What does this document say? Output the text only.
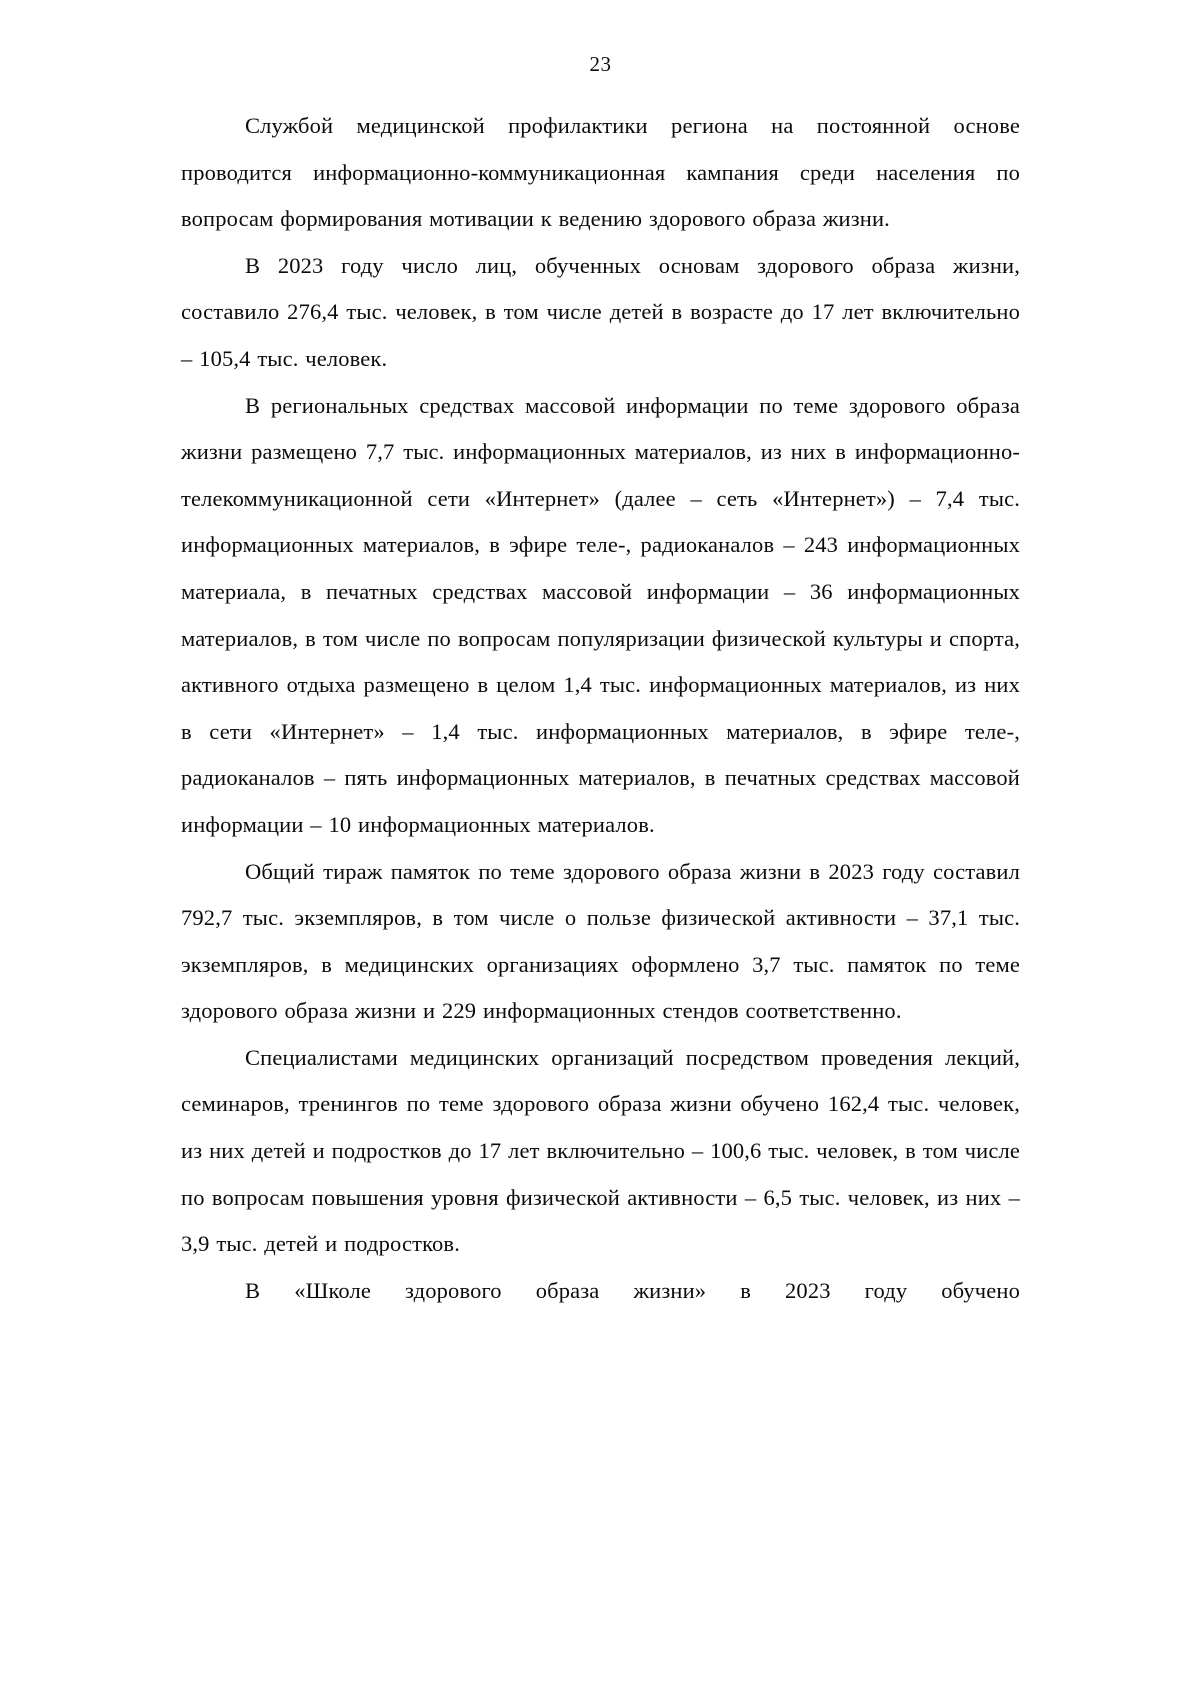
23

Службой медицинской профилактики региона на постоянной основе проводится информационно-коммуникационная кампания среди населения по вопросам формирования мотивации к ведению здорового образа жизни.

В 2023 году число лиц, обученных основам здорового образа жизни, составило 276,4 тыс. человек, в том числе детей в возрасте до 17 лет включительно – 105,4 тыс. человек.

В региональных средствах массовой информации по теме здорового образа жизни размещено 7,7 тыс. информационных материалов, из них в информационно-телекоммуникационной сети «Интернет» (далее – сеть «Интернет») – 7,4 тыс. информационных материалов, в эфире теле-, радиоканалов – 243 информационных материала, в печатных средствах массовой информации – 36 информационных материалов, в том числе по вопросам популяризации физической культуры и спорта, активного отдыха размещено в целом 1,4 тыс. информационных материалов, из них в сети «Интернет» – 1,4 тыс. информационных материалов, в эфире теле-, радиоканалов – пять информационных материалов, в печатных средствах массовой информации – 10 информационных материалов.

Общий тираж памяток по теме здорового образа жизни в 2023 году составил 792,7 тыс. экземпляров, в том числе о пользе физической активности – 37,1 тыс. экземпляров, в медицинских организациях оформлено 3,7 тыс. памяток по теме здорового образа жизни и 229 информационных стендов соответственно.

Специалистами медицинских организаций посредством проведения лекций, семинаров, тренингов по теме здорового образа жизни обучено 162,4 тыс. человек, из них детей и подростков до 17 лет включительно – 100,6 тыс. человек, в том числе по вопросам повышения уровня физической активности – 6,5 тыс. человек, из них – 3,9 тыс. детей и подростков.

В «Школе здорового образа жизни» в 2023 году обучено
